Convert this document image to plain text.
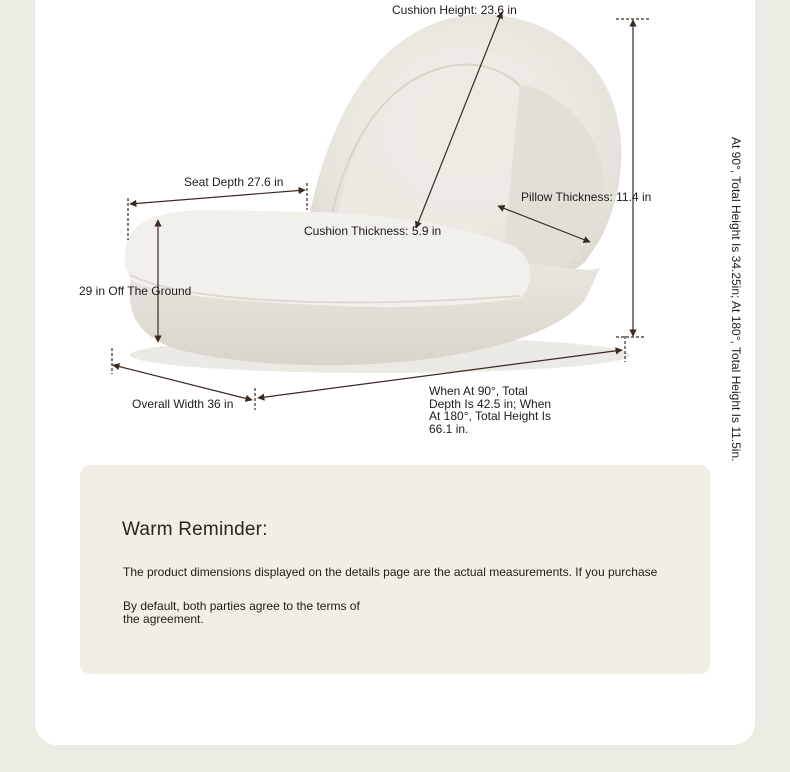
Cushion Height: 23.6 in
Seat Depth 27.6 in
Pillow Thickness: 11.4 in
Cushion Thickness: 5.9 in
29 in Off The Ground
Overall Width 36 in
When At 90°, Total Depth Is 42.5 in; When At 180°, Total Height Is 66.1 in.	At 90°, Total Height Is 34.25in; At 180°, Total Height Is 11.5in.
Warm Reminder:
The product dimensions displayed on the details page are the actual measurements. If you purchase
By default, both parties agree to the terms of the agreement.
